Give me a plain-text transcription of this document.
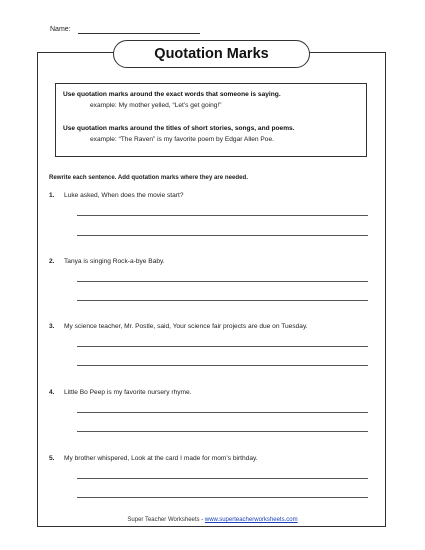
Name:
Quotation Marks
Use quotation marks around the exact words that someone is saying.
example: My mother yelled, “Let’s get going!”
Use quotation marks around the titles of short stories, songs, and poems.
example: “The Raven” is my favorite poem by Edgar Allen Poe.
Rewrite each sentence. Add quotation marks where they are needed.
1. Luke asked, When does the movie start?
2. Tanya is singing Rock-a-bye Baby.
3. My science teacher, Mr. Postle, said, Your science fair projects are due on Tuesday.
4. Little Bo Peep is my favorite nursery rhyme.
5. My brother whispered, Look at the card I made for mom’s birthday.
Super Teacher Worksheets - www.superteacherworksheets.com
